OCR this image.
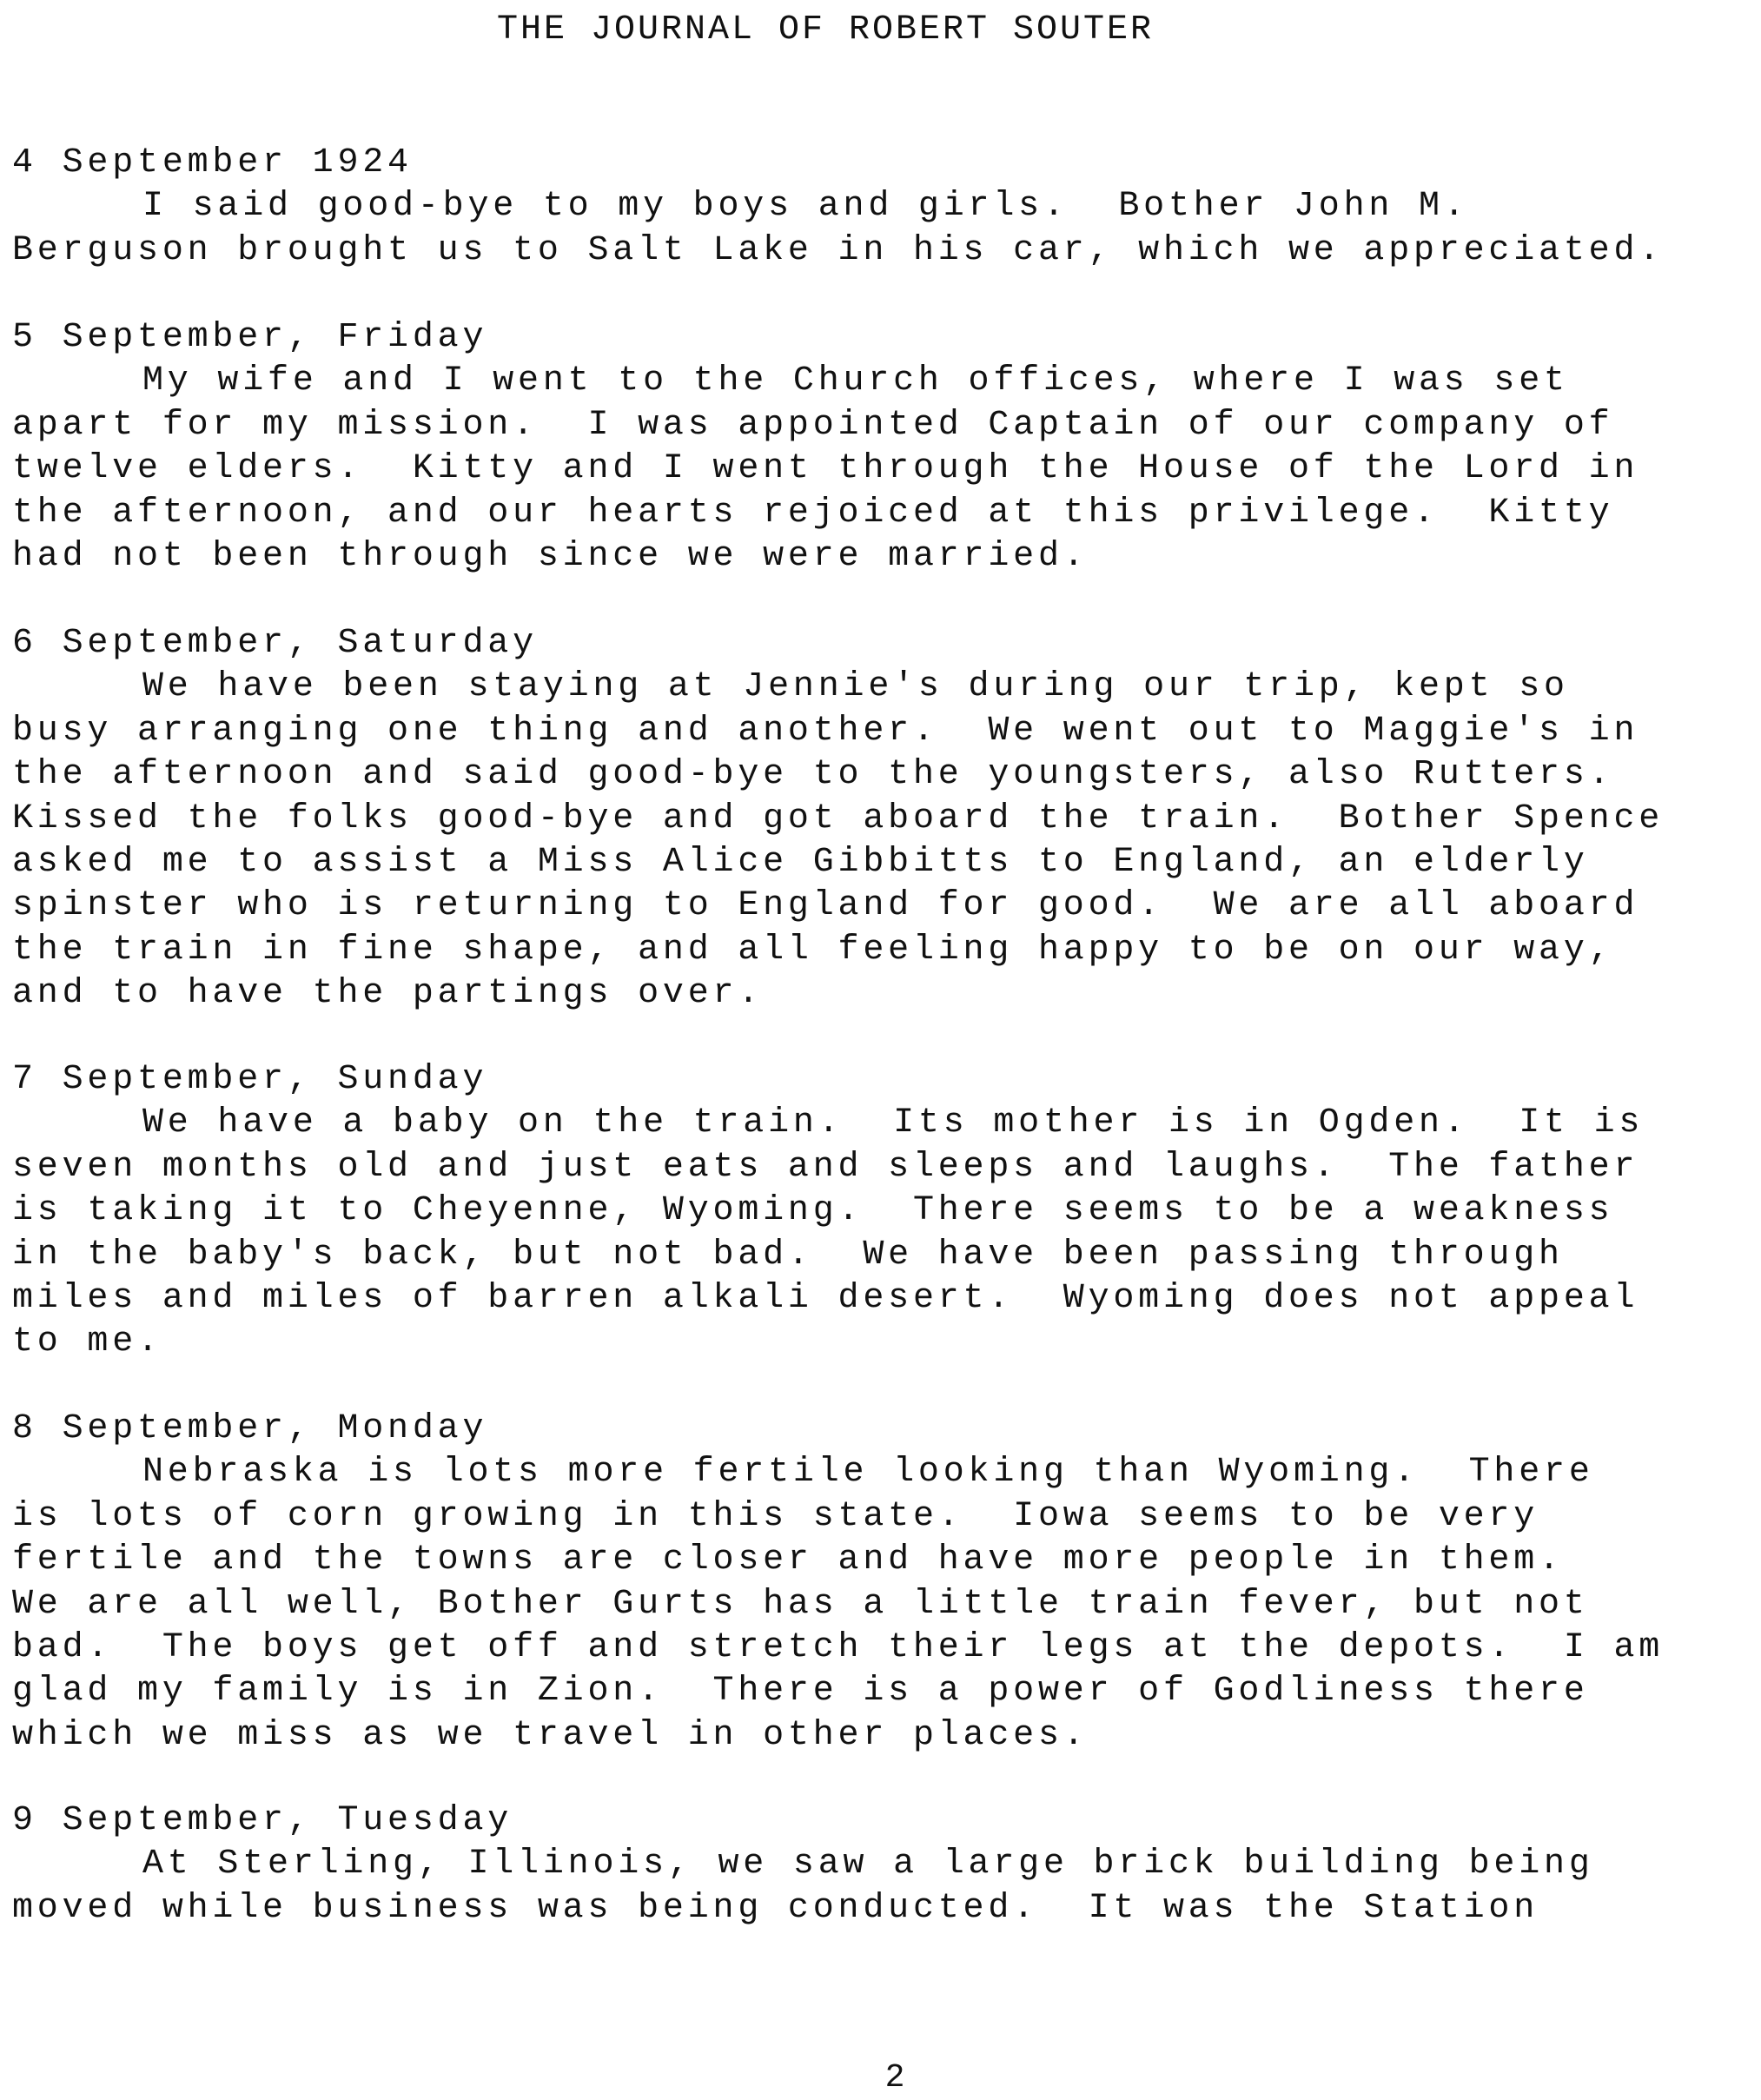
THE JOURNAL OF ROBERT SOUTER
4 September 1924
I said good-bye to my boys and girls.  Bother John M.
Berguson brought us to Salt Lake in his car, which we appreciated.
5 September, Friday
My wife and I went to the Church offices, where I was set
apart for my mission.  I was appointed Captain of our company of
twelve elders.  Kitty and I went through the House of the Lord in
the afternoon, and our hearts rejoiced at this privilege.  Kitty
had not been through since we were married.
6 September, Saturday
We have been staying at Jennie's during our trip, kept so
busy arranging one thing and another.  We went out to Maggie's in
the afternoon and said good-bye to the youngsters, also Rutters.
Kissed the folks good-bye and got aboard the train.  Bother Spence
asked me to assist a Miss Alice Gibbitts to England, an elderly
spinster who is returning to England for good.  We are all aboard
the train in fine shape, and all feeling happy to be on our way,
and to have the partings over.
7 September, Sunday
We have a baby on the train.  Its mother is in Ogden.  It is
seven months old and just eats and sleeps and laughs.  The father
is taking it to Cheyenne, Wyoming.  There seems to be a weakness
in the baby's back, but not bad.  We have been passing through
miles and miles of barren alkali desert.  Wyoming does not appeal
to me.
8 September, Monday
Nebraska is lots more fertile looking than Wyoming.  There
is lots of corn growing in this state.  Iowa seems to be very
fertile and the towns are closer and have more people in them.
We are all well, Bother Gurts has a little train fever, but not
bad.  The boys get off and stretch their legs at the depots.  I am
glad my family is in Zion.  There is a power of Godliness there
which we miss as we travel in other places.
9 September, Tuesday
At Sterling, Illinois, we saw a large brick building being
moved while business was being conducted.  It was the Station
2
